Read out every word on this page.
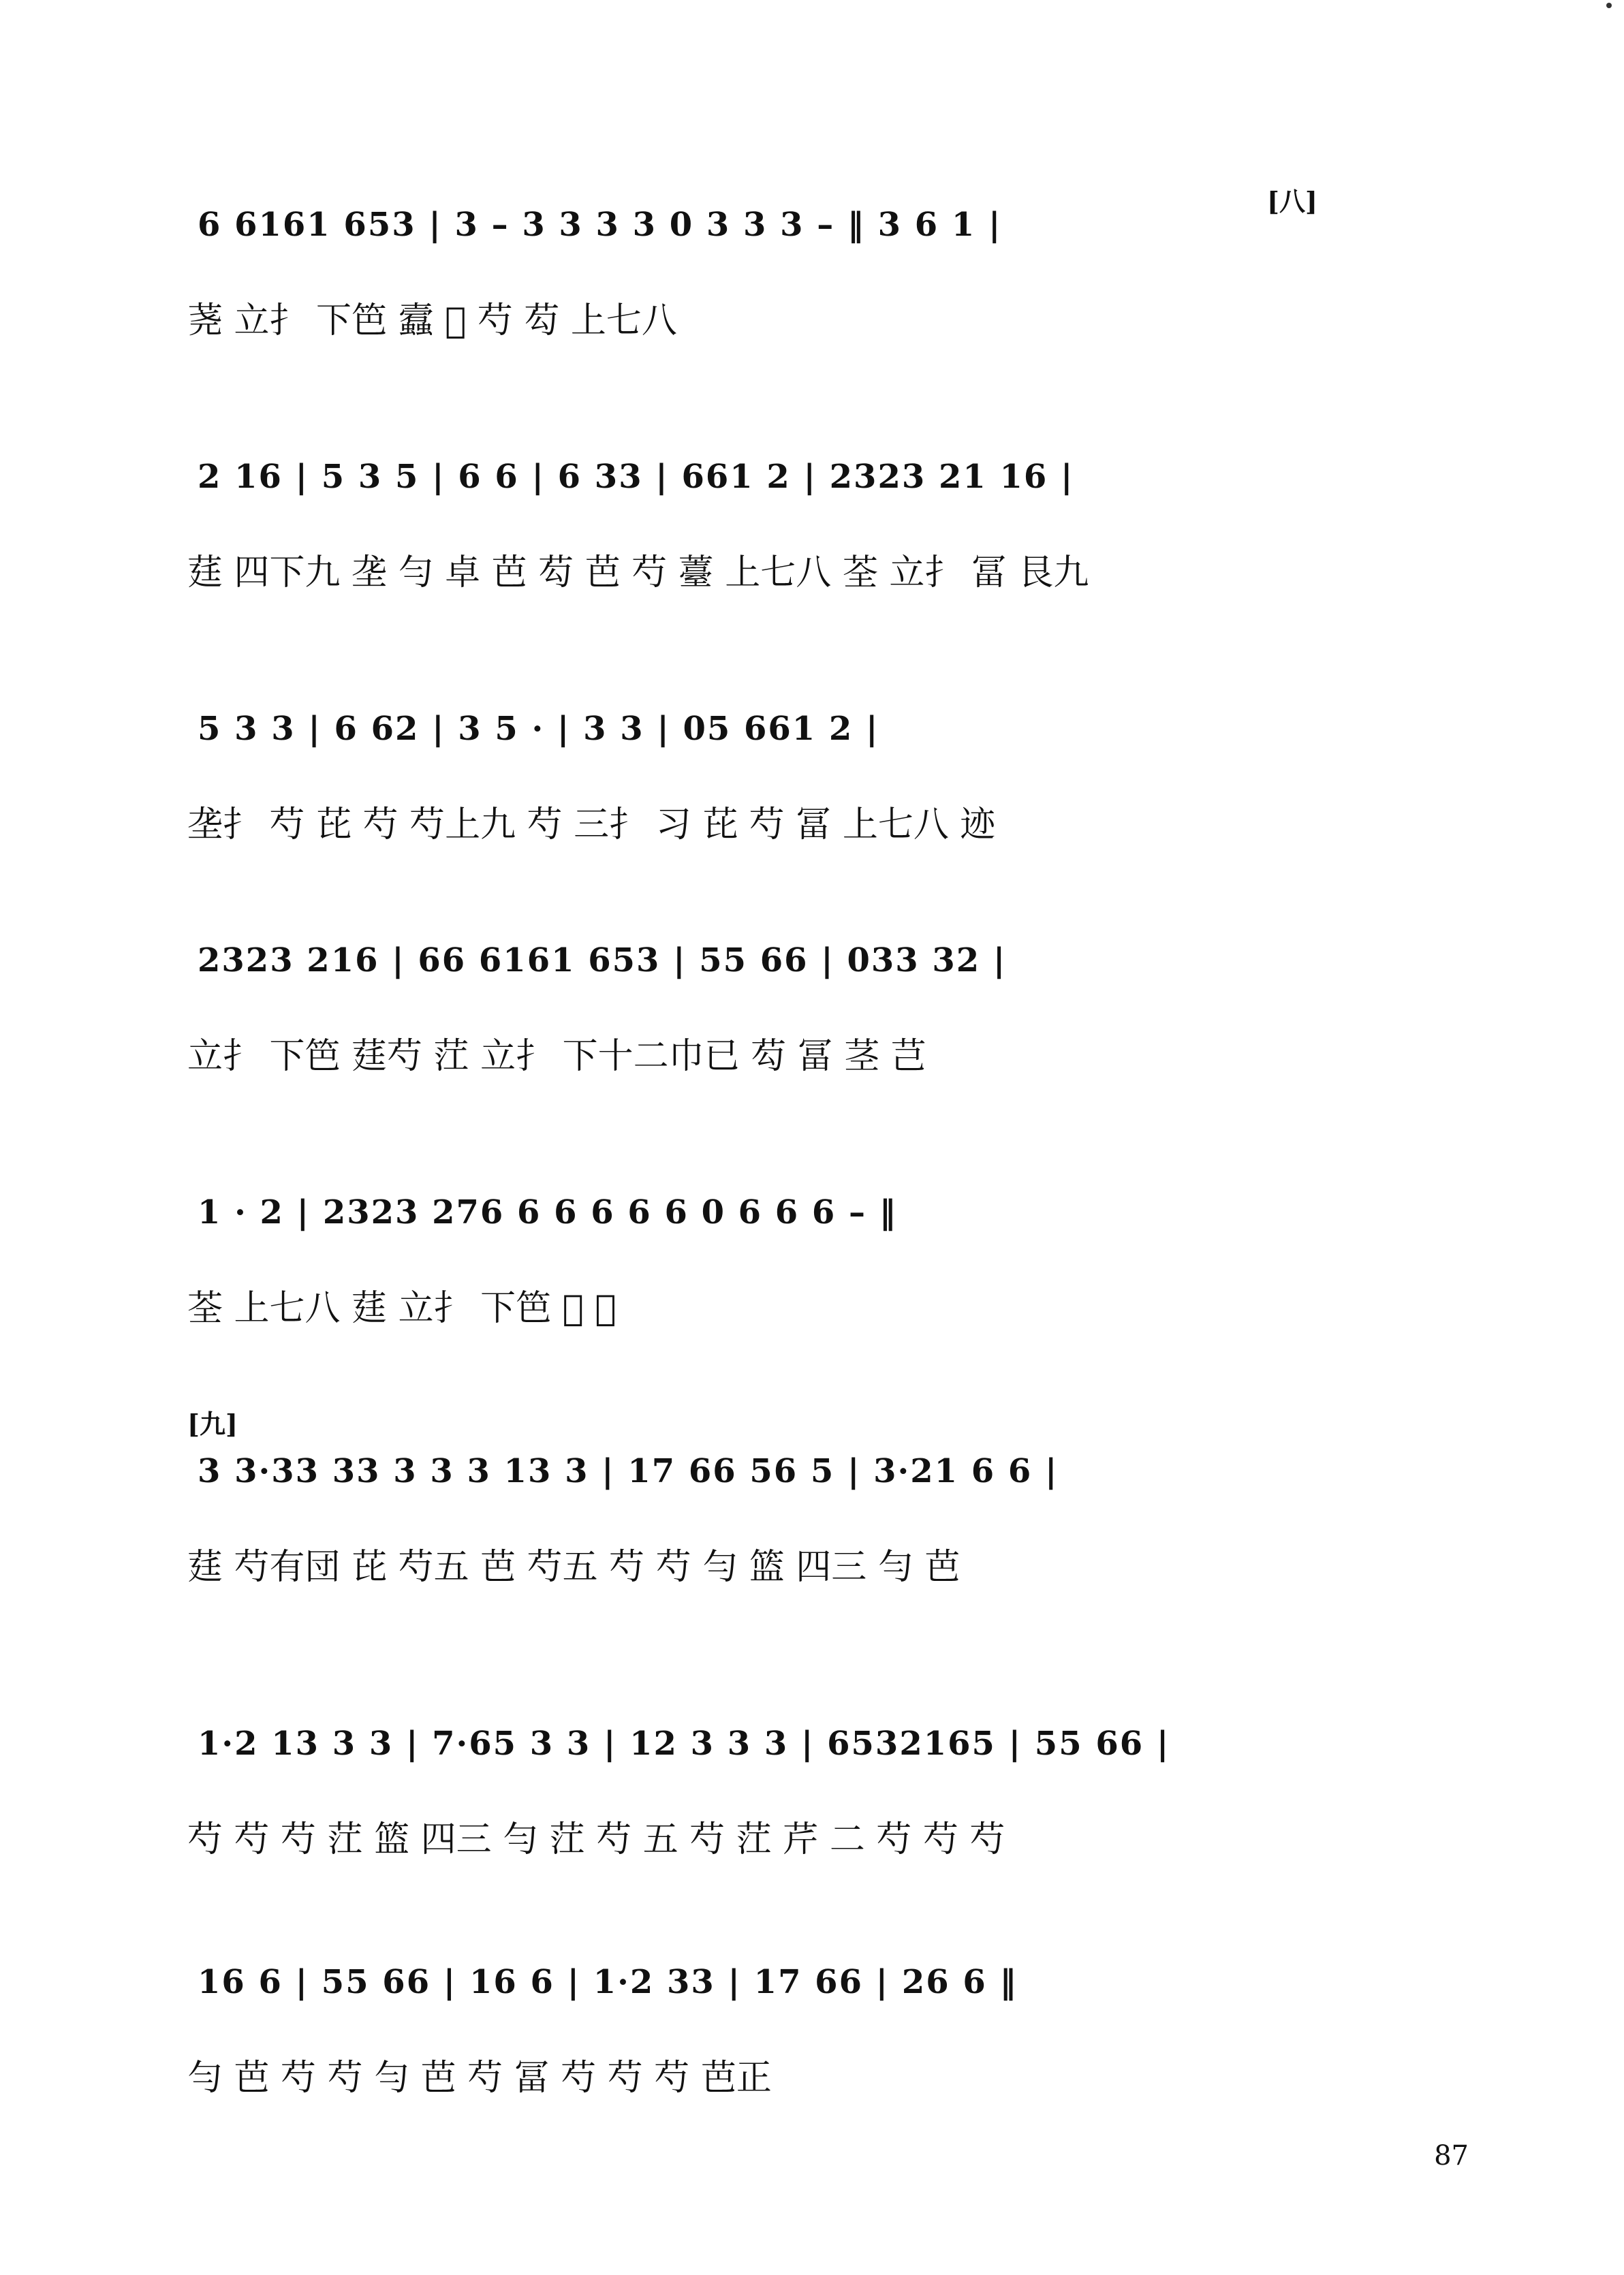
[八]
6 6161 653 | 3 – 3 3 3 3 0 3 3 3 – ‖ 3 6 1 |
荛 立扌 下笆 蠧 𦝂 芍 芶 上七八
2 16 | 5 3 5 | 6 6 | 6 33 | 661 2 | 2323 21 16 |
莛 四下九 垄 勻 卓 芭 芶 芭 芍 薹 上七八 荃 立扌 冨 艮九
5 3 3 | 6 62 | 3 5 · | 3 3 | 05 661 2 |
垄扌 芍 芘 芍 芍上九 芍 三扌 习 芘 芍 冨 上七八 迹
2323 216 | 66 6161 653 | 55 66 | 033 32 |
立扌 下笆 莛芍 茳 立扌 下十二巾已 芶 冨 茎 芑
1 · 2 | 2323 276 6 6 6 6 6 0 6 6 6 – ‖
荃 上七八 莛 立扌 下笆 𦝂 𦝂
[九]
3 3·33 33 3 3 3 13 3 | 17 66 56 5 | 3·21 6 6 |
莛 芍有団 芘 芍五 芭 芍五 芍 芍 勻 篮 四三 勻 芭
1·2 13 3 3 | 7·65 3 3 | 12 3 3 3 | 6532165 | 55 66 |
芍 芍 芍 茳 篮 四三 勻 茳 芍 五 芍 茳 芹 二 芍 芍 芍
16 6 | 55 66 | 16 6 | 1·2 33 | 17 66 | 26 6 ‖
勻 芭 芍 芍 勻 芭 芍 冨 芍 芍 芍 芭正
87
